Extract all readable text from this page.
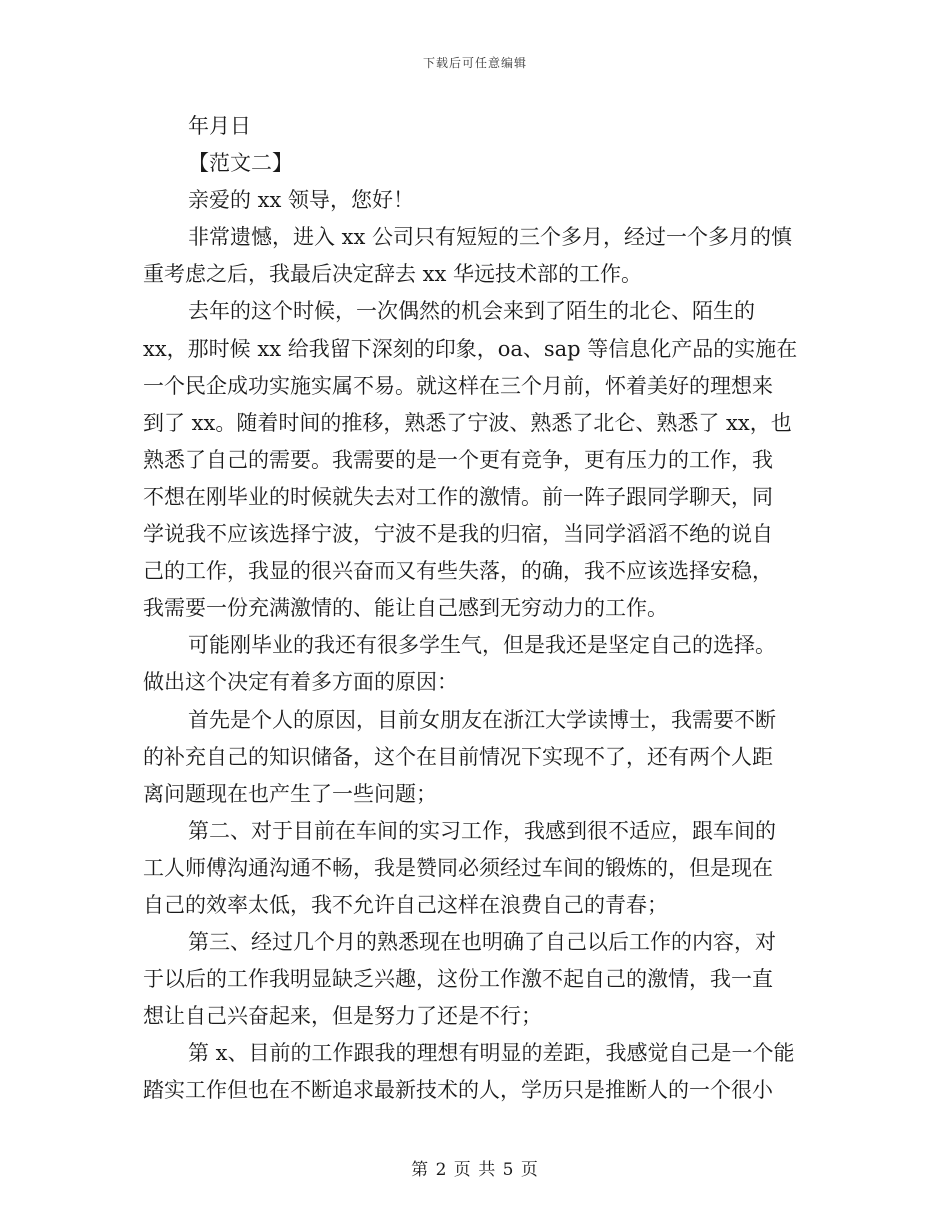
下载后可任意编辑
年月日
【范文二】
亲爱的 xx 领导，您好！
非常遗憾，进入 xx 公司只有短短的三个多月，经过一个多月的慎
重考虑之后，我最后决定辞去 xx 华远技术部的工作。
去年的这个时候，一次偶然的机会来到了陌生的北仑、陌生的
xx，那时候 xx 给我留下深刻的印象，oa、sap 等信息化产品的实施在
一个民企成功实施实属不易。就这样在三个月前，怀着美好的理想来
到了 xx。随着时间的推移，熟悉了宁波、熟悉了北仑、熟悉了 xx，也
熟悉了自己的需要。我需要的是一个更有竞争，更有压力的工作，我
不想在刚毕业的时候就失去对工作的激情。前一阵子跟同学聊天，同
学说我不应该选择宁波，宁波不是我的归宿，当同学滔滔不绝的说自
己的工作，我显的很兴奋而又有些失落，的确，我不应该选择安稳，
我需要一份充满激情的、能让自己感到无穷动力的工作。
可能刚毕业的我还有很多学生气，但是我还是坚定自己的选择。
做出这个决定有着多方面的原因：
首先是个人的原因，目前女朋友在浙江大学读博士，我需要不断
的补充自己的知识储备，这个在目前情况下实现不了，还有两个人距
离问题现在也产生了一些问题；
第二、对于目前在车间的实习工作，我感到很不适应，跟车间的
工人师傅沟通沟通不畅，我是赞同必须经过车间的锻炼的，但是现在
自己的效率太低，我不允许自己这样在浪费自己的青春；
第三、经过几个月的熟悉现在也明确了自己以后工作的内容，对
于以后的工作我明显缺乏兴趣，这份工作激不起自己的激情，我一直
想让自己兴奋起来，但是努力了还是不行；
第 x、目前的工作跟我的理想有明显的差距，我感觉自己是一个能
踏实工作但也在不断追求最新技术的人，学历只是推断人的一个很小
第 2 页 共 5 页
